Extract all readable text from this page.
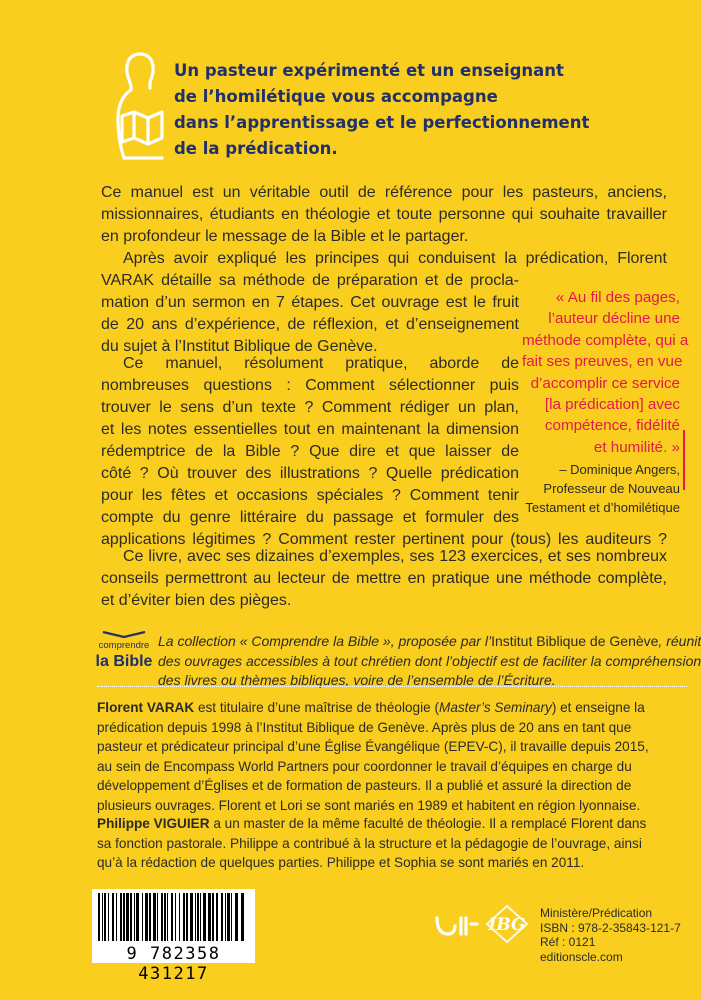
Un pasteur expérimenté et un enseignant
de l’homilétique vous accompagne
dans l’apprentissage et le perfectionnement
de la prédication.

Ce manuel est un véritable outil de référence pour les pasteurs, anciens,
missionnaires, étudiants en théologie et toute personne qui souhaite travailler
en profondeur le message de la Bible et le partager.

Après avoir expliqué les principes qui conduisent la prédication, Florent
VARAK détaille sa méthode de préparation et de procla-
mation d’un sermon en 7 étapes. Cet ouvrage est le fruit
de 20 ans d’expérience, de réflexion, et d’enseignement
du sujet à l’Institut Biblique de Genève.

Ce manuel, résolument pratique, aborde de
nombreuses questions : Comment sélectionner puis
trouver le sens d’un texte ? Comment rédiger un plan,
et les notes essentielles tout en maintenant la dimension
rédemptrice de la Bible ? Que dire et que laisser de
côté ? Où trouver des illustrations ? Quelle prédication
pour les fêtes et occasions spéciales ? Comment tenir
compte du genre littéraire du passage et formuler des
applications légitimes ? Comment rester pertinent pour (tous) les auditeurs ?

Ce livre, avec ses dizaines d’exemples, ses 123 exercices, et ses nombreux
conseils permettront au lecteur de mettre en pratique une méthode complète,
et d’éviter bien des pièges.

« Au fil des pages,
l’auteur décline une
méthode complète, qui a
fait ses preuves, en vue
d’accomplir ce service
[la prédication] avec
compétence, fidélité
et humilité. »

– Dominique Angers,
Professeur de Nouveau
Testament et d’homilétique

comprendre
la Bible

La collection « Comprendre la Bible », proposée par l’Institut Biblique de Genève, réunit
des ouvrages accessibles à tout chrétien dont l’objectif est de faciliter la compréhension
des livres ou thèmes bibliques, voire de l’ensemble de l’Écriture.

Florent VARAK est titulaire d’une maîtrise de théologie (Master’s Seminary) et enseigne la
prédication depuis 1998 à l’Institut Biblique de Genève. Après plus de 20 ans en tant que
pasteur et prédicateur principal d’une Église Évangélique (EPEV-C), il travaille depuis 2015,
au sein de Encompass World Partners pour coordonner le travail d’équipes en charge du
développement d’Églises et de formation de pasteurs. Il a publié et assuré la direction de
plusieurs ouvrages. Florent et Lori se sont mariés en 1989 et habitent en région lyonnaise.

Philippe VIGUIER a un master de la même faculté de théologie. Il a remplacé Florent dans
sa fonction pastorale. Philippe a contribué à la structure et la pédagogie de l’ouvrage, ainsi
qu’à la rédaction de quelques parties. Philippe et Sophia se sont mariés en 2011.

9 782358 431217
IBG

Ministère/Prédication
ISBN : 978-2-35843-121-7
Réf : 0121
editionscle.com
